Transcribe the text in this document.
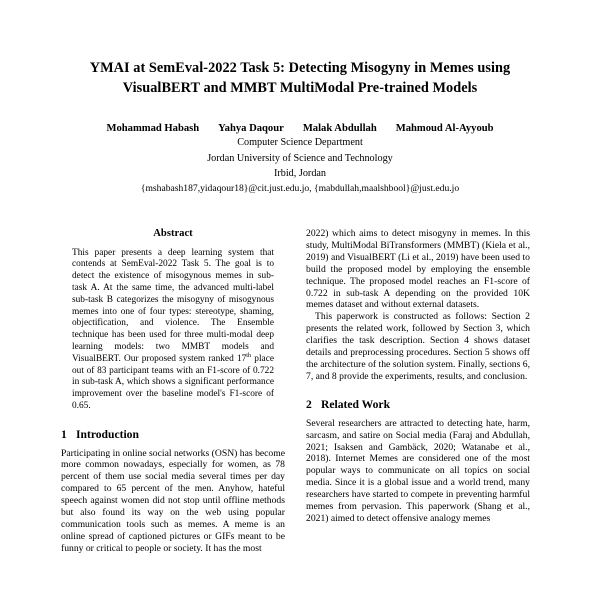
YMAI at SemEval-2022 Task 5: Detecting Misogyny in Memes using
VisualBERT and MMBT MultiModal Pre-trained Models
Mohammad Habash Yahya Daqour Malak Abdullah Mahmoud Al-Ayyoub
Computer Science Department
Jordan University of Science and Technology
Irbid, Jordan
{mshabash187,yidaqour18}@cit.just.edu.jo, {mabdullah,maalshbool}@just.edu.jo
Abstract
This paper presents a deep learning system that contends at SemEval-2022 Task 5. The goal is to detect the existence of misogynous memes in sub-task A. At the same time, the advanced multi-label sub-task B categorizes the misogyny of misogynous memes into one of four types: stereotype, shaming, objectification, and violence. The Ensemble technique has been used for three multi-modal deep learning models: two MMBT models and VisualBERT. Our proposed system ranked 17th place out of 83 participant teams with an F1-score of 0.722 in sub-task A, which shows a significant performance improvement over the baseline model's F1-score of 0.65.
1 Introduction

Participating in online social networks (OSN) has become more common nowadays, especially for women, as 78 percent of them use social media several times per day compared to 65 percent of the men. Anyhow, hateful speech against women did not stop until offline methods but also found its way on the web using popular communication tools such as memes. A meme is an online spread of captioned pictures or GIFs meant to be funny or critical to people or society. It has the most

2022) which aims to detect misogyny in memes. In this study, MultiModal BiTransformers (MMBT) (Kiela et al., 2019) and VisualBERT (Li et al., 2019) have been used to build the proposed model by employing the ensemble technique. The proposed model reaches an F1-score of 0.722 in sub-task A depending on the provided 10K memes dataset and without external datasets.

This paperwork is constructed as follows: Section 2 presents the related work, followed by Section 3, which clarifies the task description. Section 4 shows dataset details and preprocessing procedures. Section 5 shows off the architecture of the solution system. Finally, sections 6, 7, and 8 provide the experiments, results, and conclusion.

2 Related Work

Several researchers are attracted to detecting hate, harm, sarcasm, and satire on Social media (Faraj and Abdullah, 2021; Isaksen and Gambäck, 2020; Watanabe et al., 2018). Internet Memes are considered one of the most popular ways to communicate on all topics on social media. Since it is a global issue and a world trend, many researchers have started to compete in preventing harmful memes from pervasion. This paperwork (Shang et al., 2021) aimed to detect offensive analogy memes
